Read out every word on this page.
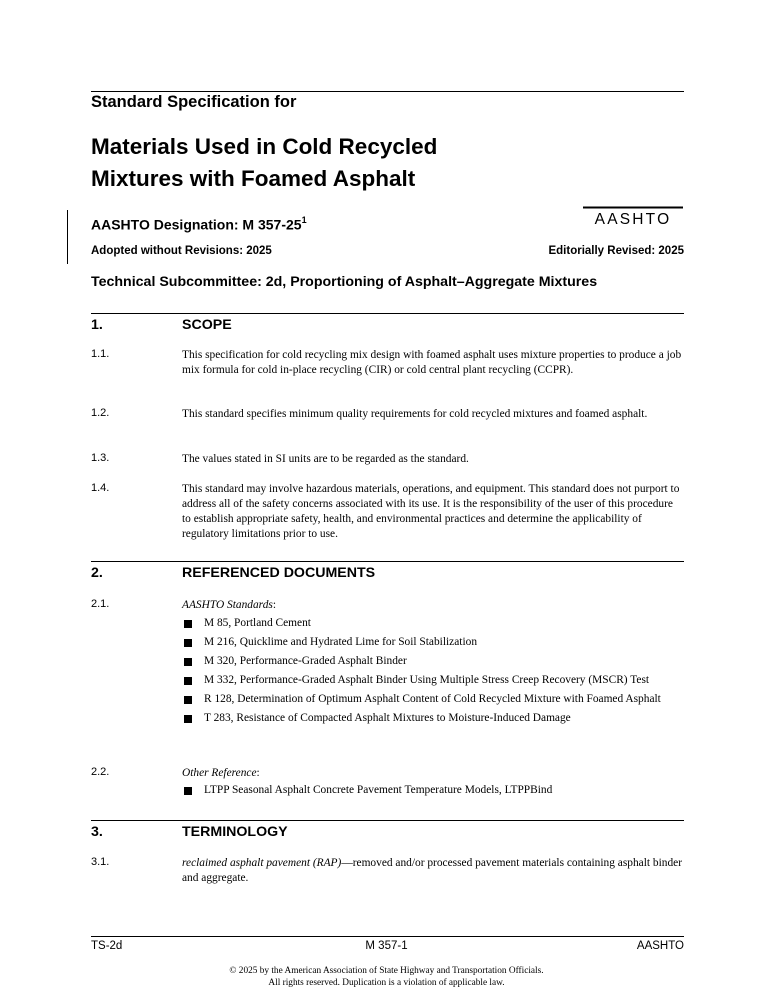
Standard Specification for
Materials Used in Cold Recycled
Mixtures with Foamed Asphalt
AASHTO Designation: M $357-25^1$	AASHTO
Adopted without Revisions: 2025	Editorially Revised: 2025
Technical Subcommittee: 2d, Proportioning of Asphalt–Aggregate Mixtures
1.	SCOPE
1.1.	This specification for cold recycling mix design with foamed asphalt uses mixture properties to produce a job mix formula for cold in-place recycling (CIR) or cold central plant recycling (CCPR).
1.2.	This standard specifies minimum quality requirements for cold recycled mixtures and foamed asphalt.
1.3.	The values stated in SI units are to be regarded as the standard.
1.4.	This standard may involve hazardous materials, operations, and equipment. This standard does not purport to address all of the safety concerns associated with its use. It is the responsibility of the user of this procedure to establish appropriate safety, health, and environmental practices and determine the applicability of regulatory limitations prior to use.
2.	REFERENCED DOCUMENTS
2.1.	AASHTO Standards:
M 85, Portland Cement
M 216, Quicklime and Hydrated Lime for Soil Stabilization
M 320, Performance-Graded Asphalt Binder
M 332, Performance-Graded Asphalt Binder Using Multiple Stress Creep Recovery (MSCR) Test
R 128, Determination of Optimum Asphalt Content of Cold Recycled Mixture with Foamed Asphalt
T 283, Resistance of Compacted Asphalt Mixtures to Moisture-Induced Damage
2.2.	Other Reference:
LTPP Seasonal Asphalt Concrete Pavement Temperature Models, LTPPBind
3.	TERMINOLOGY
3.1.	reclaimed asphalt pavement (RAP)—removed and/or processed pavement materials containing asphalt binder and aggregate.
TS-2d	M 357-1	AASHTO
© 2025 by the American Association of State Highway and Transportation Officials.
All rights reserved. Duplication is a violation of applicable law.
